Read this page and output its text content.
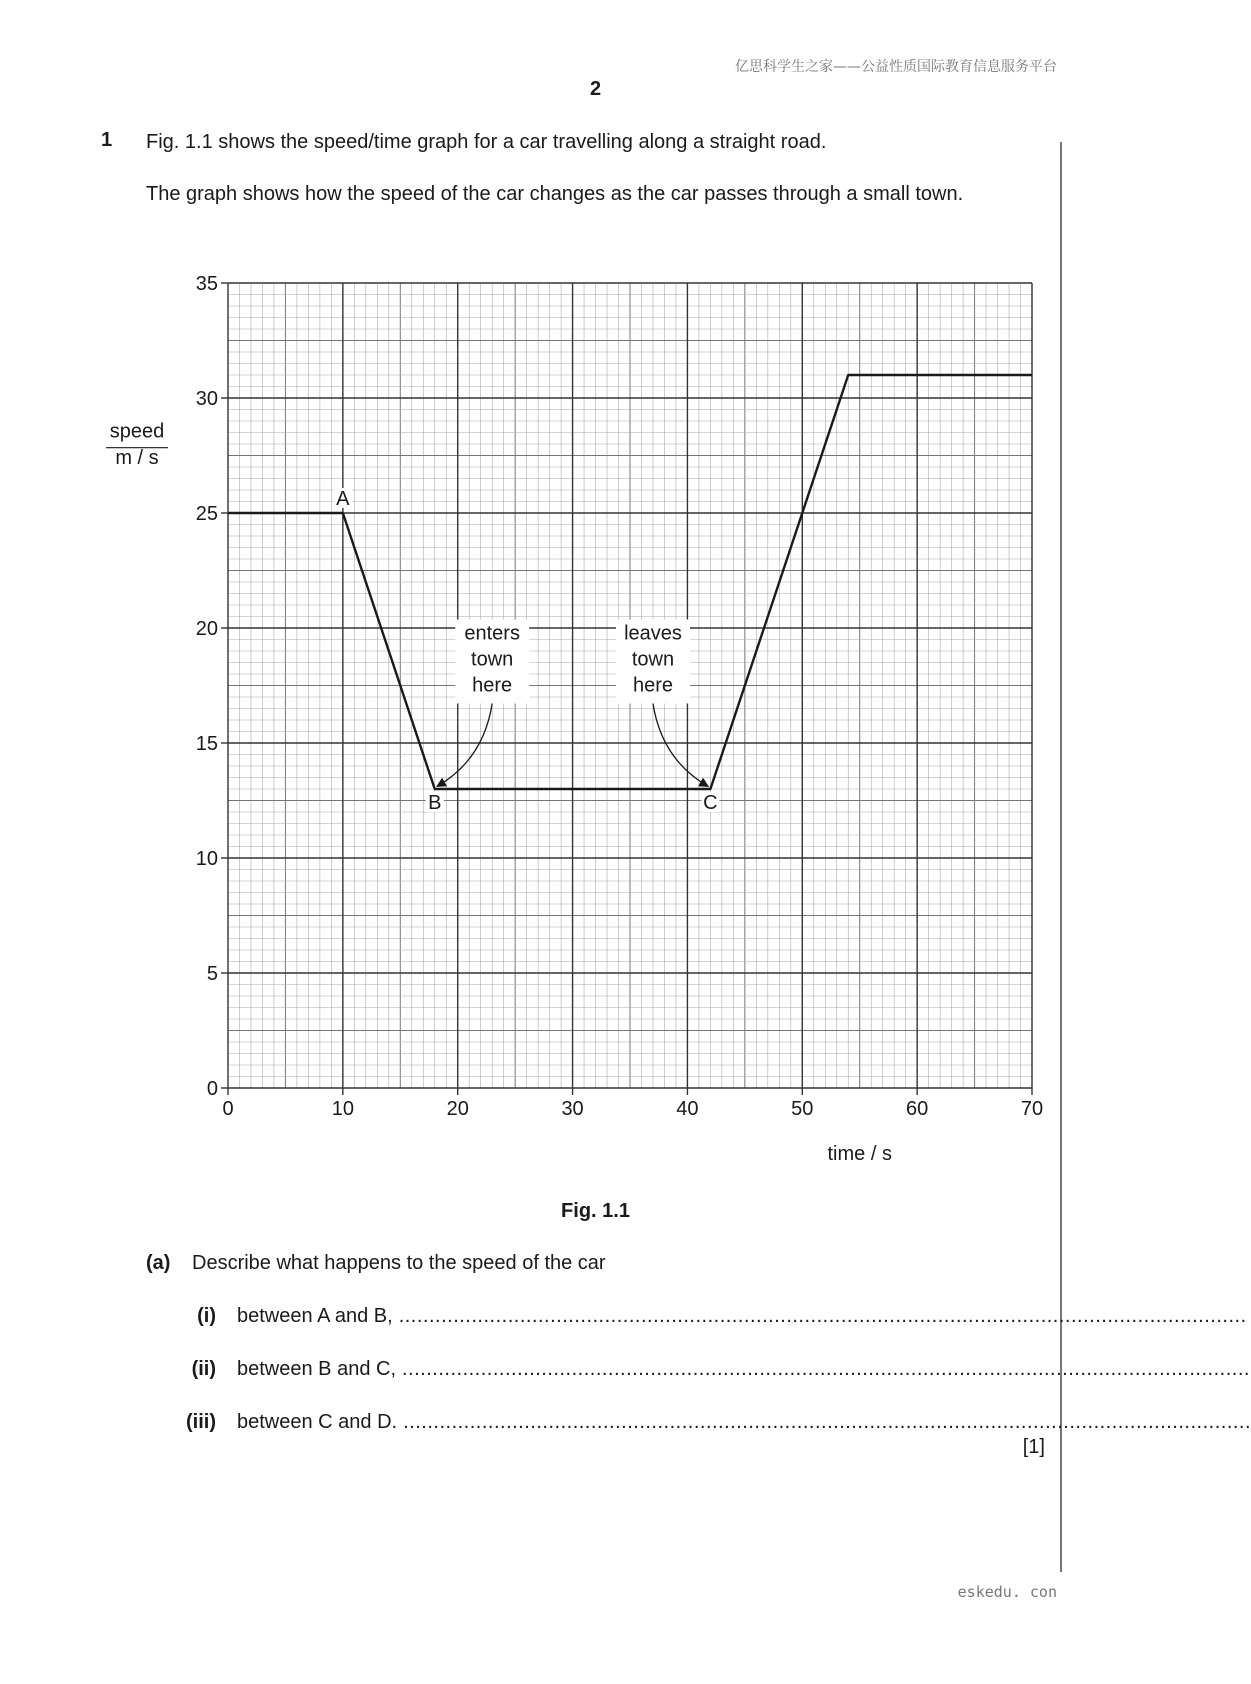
亿思科学生之家——公益性质国际教育信息服务平台
2
1 Fig. 1.1 shows the speed/time graph for a car travelling along a straight road.
The graph shows how the speed of the car changes as the car passes through a small town.
0	10	20	30	40	50	60	70
0
5
10
15
20
25
30
35
enters
town
here
leaves
town
here
A
B	C
time / s
speed
m / s
Fig. 1.1
(a) Describe what happens to the speed of the car
(i) between A and B, ............................................................................................................................................
(ii) between B and C, ............................................................................................................................................
(iii) between C and D. ............................................................................................................................................
[1]
eskedu. con
